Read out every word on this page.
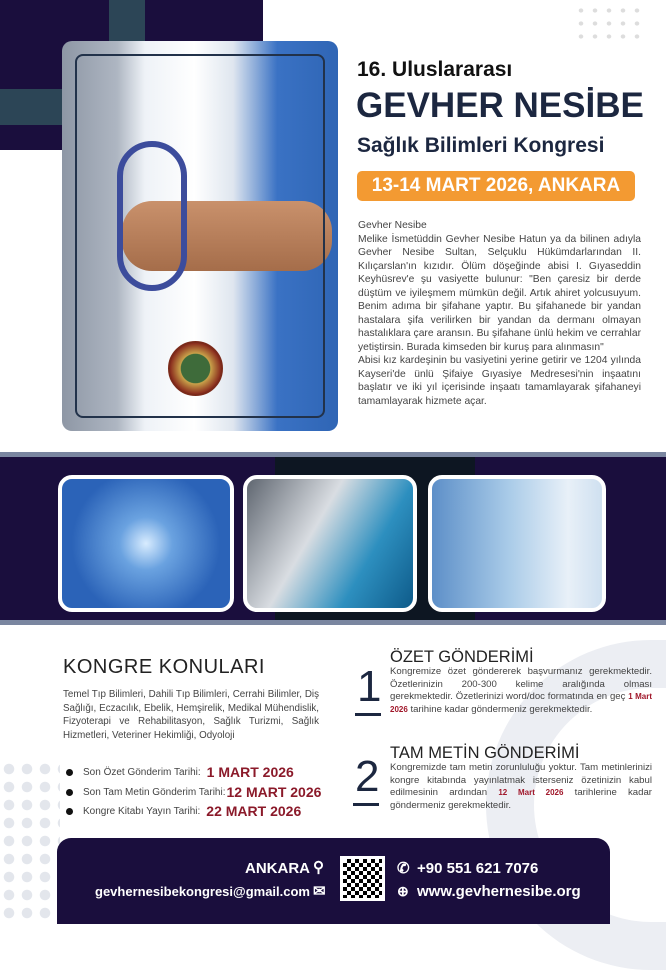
16. Uluslararası
GEVHER NESİBE
Sağlık Bilimleri Kongresi
13-14 MART 2026, ANKARA
Gevher Nesibe
Melike İsmetüddin Gevher Nesibe Hatun ya da bilinen adıyla Gevher Nesibe Sultan, Selçuklu Hükümdarlarından II. Kılıçarslan'ın kızıdır. Ölüm döşeğinde abisi I. Gıyaseddin Keyhüsrev'e şu vasiyette bulunur: "Ben çaresiz bir derde düştüm ve iyileşmem mümkün değil. Artık ahiret yolcusuyum. Benim adıma bir şifahane yaptır. Bu şifahanede bir yandan hastalara şifa verilirken bir yandan da dermanı olmayan hastalıklara çare aransın. Bu şifahane ünlü hekim ve cerrahlar yetiştirsin. Burada kimseden bir kuruş para alınmasın"
Abisi kız kardeşinin bu vasiyetini yerine getirir ve 1204 yılında Kayseri'de ünlü Şifaiye Gıyasiye Medresesi'nin inşaatını başlatır ve iki yıl içerisinde inşaatı tamamlayarak şifahaneyi tamamlayarak hizmete açar.
KONGRE KONULARI
Temel Tıp Bilimleri, Dahili Tıp Bilimleri, Cerrahi Bilimler, Diş Sağlığı, Eczacılık, Ebelik, Hemşirelik, Medikal Mühendislik, Fizyoterapi ve Rehabilitasyon, Sağlık Turizmi, Sağlık Hizmetleri, Veteriner Hekimliği, Odyoloji
Son Özet Gönderim Tarihi: 1 MART 2026
Son Tam Metin Gönderim Tarihi: 12 MART 2026
Kongre Kitabı Yayın Tarihi: 22 MART 2026
1
ÖZET GÖNDERİMİ
Kongremize özet göndererek başvurmanız gerekmektedir. Özetlerinizin 200-300 kelime aralığında olması gerekmektedir. Özetlerinizi word/doc formatında en geç 1 Mart 2026 tarihine kadar göndermeniz gerekmektedir.
2 TAM METİN GÖNDERİMİ
Kongremizde tam metin zorunluluğu yoktur. Tam metinlerinizi kongre kitabında yayınlatmak isterseniz özetinizin kabul edilmesinin ardından 12 Mart 2026 tarihlerine kadar göndermeniz gerekmektedir.
ANKARA ⚲
gevhernesibekongresi@gmail.com ✉
✆ +90 551 621 7076
⊕ www.gevhernesibe.org
